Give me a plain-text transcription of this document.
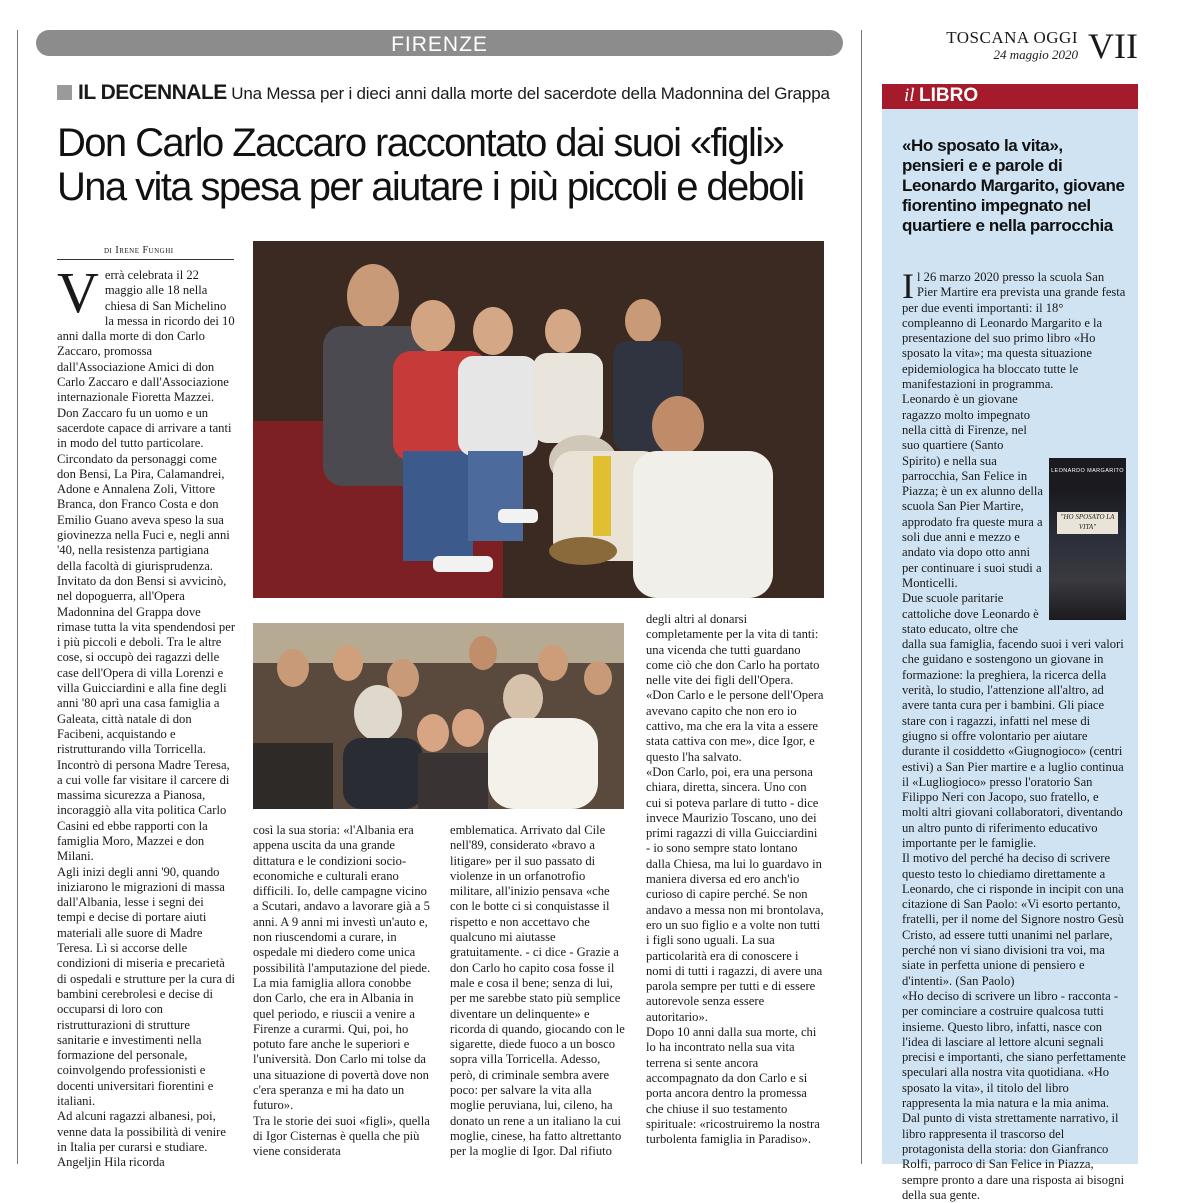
FIRENZE	TOSCANA OGGI
24 maggio 2020 VII
IL DECENNALE Una Messa per i dieci anni dalla morte del sacerdote della Madonnina del Grappa
Don Carlo Zaccaro raccontato dai suoi «figli»
Una vita spesa per aiutare i più piccoli e deboli
di Irene Funghi
V errà celebrata il 22 maggio alle 18 nella chiesa di San Michelino la messa in ricordo dei 10 anni dalla morte di don Carlo Zaccaro, promossa dall'Associazione Amici di don Carlo Zaccaro e dall'Associazione internazionale Fioretta Mazzei. Don Zaccaro fu un uomo e un sacerdote capace di arrivare a tanti in modo del tutto particolare.

Circondato da personaggi come don Bensi, La Pira, Calamandrei, Adone e Annalena Zoli, Vittore Branca, don Franco Costa e don Emilio Guano aveva speso la sua giovinezza nella Fuci e, negli anni '40, nella resistenza partigiana della facoltà di giurisprudenza. Invitato da don Bensi si avvicinò, nel dopoguerra, all'Opera Madonnina del Grappa dove rimase tutta la vita spendendosi per i più piccoli e deboli. Tra le altre cose, si occupò dei ragazzi delle case dell'Opera di villa Lorenzi e villa Guicciardini e alla fine degli anni '80 aprì una casa famiglia a Galeata, città natale di don Facibeni, acquistando e ristrutturando villa Torricella. Incontrò di persona Madre Teresa, a cui volle far visitare il carcere di massima sicurezza a Pianosa, incoraggiò alla vita politica Carlo Casini ed ebbe rapporti con la famiglia Moro, Mazzei e don Milani.

Agli inizi degli anni '90, quando iniziarono le migrazioni di massa dall'Albania, lesse i segni dei tempi e decise di portare aiuti materiali alle suore di Madre Teresa. Lì si accorse delle condizioni di miseria e precarietà di ospedali e strutture per la cura di bambini cerebrolesi e decise di occuparsi di loro con ristrutturazioni di strutture sanitarie e investimenti nella formazione del personale, coinvolgendo professionisti e docenti universitari fiorentini e italiani.

Ad alcuni ragazzi albanesi, poi, venne data la possibilità di venire in Italia per curarsi e studiare. Angeljin Hila ricorda

così la sua storia: «l'Albania era appena uscita da una grande dittatura e le condizioni socio-economiche e culturali erano difficili. Io, delle campagne vicino a Scutari, andavo a lavorare già a 5 anni. A 9 anni mi investì un'auto e, non riuscendomi a curare, in ospedale mi diedero come unica possibilità l'amputazione del piede. La mia famiglia allora conobbe don Carlo, che era in Albania in quel periodo, e riuscii a venire a Firenze a curarmi. Qui, poi, ho potuto fare anche le superiori e l'università. Don Carlo mi tolse da una situazione di povertà dove non c'era speranza e mi ha dato un futuro».

Tra le storie dei suoi «figli», quella di Igor Cisternas è quella che più viene considerata

emblematica. Arrivato dal Cile nell'89, considerato «bravo a litigare» per il suo passato di violenze in un orfanotrofio militare, all'inizio pensava «che con le botte ci si conquistasse il rispetto e non accettavo che qualcuno mi aiutasse gratuitamente. - ci dice - Grazie a don Carlo ho capito cosa fosse il male e cosa il bene; senza di lui, per me sarebbe stato più semplice diventare un delinquente» e ricorda di quando, giocando con le sigarette, diede fuoco a un bosco sopra villa Torricella. Adesso, però, di criminale sembra avere poco: per salvare la vita alla moglie peruviana, lui, cileno, ha donato un rene a un italiano la cui moglie, cinese, ha fatto altrettanto per la moglie di Igor. Dal rifiuto

degli altri al donarsi completamente per la vita di tanti: una vicenda che tutti guardano come ciò che don Carlo ha portato nelle vite dei figli dell'Opera. «Don Carlo e le persone dell'Opera avevano capito che non ero io cattivo, ma che era la vita a essere stata cattiva con me», dice Igor, e questo l'ha salvato.

«Don Carlo, poi, era una persona chiara, diretta, sincera. Uno con cui si poteva parlare di tutto - dice invece Maurizio Toscano, uno dei primi ragazzi di villa Guicciardini - io sono sempre stato lontano dalla Chiesa, ma lui lo guardavo in maniera diversa ed ero anch'io curioso di capire perché. Se non andavo a messa non mi brontolava, ero un suo figlio e a volte non tutti i figli sono uguali. La sua particolarità era di conoscere i nomi di tutti i ragazzi, di avere una parola sempre per tutti e di essere autorevole senza essere autoritario».

Dopo 10 anni dalla sua morte, chi lo ha incontrato nella sua vita terrena si sente ancora accompagnato da don Carlo e si porta ancora dentro la promessa che chiuse il suo testamento spirituale: «ricostruiremo la nostra turbolenta famiglia in Paradiso».

il LIBRO
«Ho sposato la vita», pensieri e e parole di Leonardo Margarito, giovane fiorentino impegnato nel quartiere e nella parrocchia
I l 26 marzo 2020 presso la scuola San Pier Martire era prevista una grande festa per due eventi importanti: il 18° compleanno di Leonardo Margarito e la presentazione del suo primo libro «Ho sposato la vita»; ma questa situazione epidemiologica ha bloccato tutte le manifestazioni in programma.

LEONARDO MARGARITO
"HO SPOSATO LA VITA"
Leonardo è un giovane ragazzo molto impegnato nella città di Firenze, nel suo quartiere (Santo Spirito) e nella sua parrocchia, San Felice in Piazza; è un ex alunno della scuola San Pier Martire, approdato fra queste mura a soli due anni e mezzo e andato via dopo otto anni per continuare i suoi studi a Monticelli.

Due scuole paritarie cattoliche dove Leonardo è stato educato, oltre che dalla sua famiglia, facendo suoi i veri valori che guidano e sostengono un giovane in formazione: la preghiera, la ricerca della verità, lo studio, l'attenzione all'altro, ad avere tanta cura per i bambini. Gli piace stare con i ragazzi, infatti nel mese di giugno si offre volontario per aiutare durante il cosiddetto «Giugnogioco» (centri estivi) a San Pier martire e a luglio continua il «Lugliogioco» presso l'oratorio San Filippo Neri con Jacopo, suo fratello, e molti altri giovani collaboratori, diventando un altro punto di riferimento educativo importante per le famiglie.

Il motivo del perché ha deciso di scrivere questo testo lo chiediamo direttamente a Leonardo, che ci risponde in incipit con una citazione di San Paolo: «Vi esorto pertanto, fratelli, per il nome del Signore nostro Gesù Cristo, ad essere tutti unanimi nel parlare, perché non vi siano divisioni tra voi, ma siate in perfetta unione di pensiero e d'intenti». (San Paolo)

«Ho deciso di scrivere un libro - racconta - per cominciare a costruire qualcosa tutti insieme. Questo libro, infatti, nasce con l'idea di lasciare al lettore alcuni segnali precisi e importanti, che siano perfettamente speculari alla nostra vita quotidiana. «Ho sposato la vita», il titolo del libro rappresenta la mia natura e la mia anima. Dal punto di vista strettamente narrativo, il libro rappresenta il trascorso del protagonista della storia: don Gianfranco Rolfi, parroco di San Felice in Piazza, sempre pronto a dare una risposta ai bisogni della sua gente.
